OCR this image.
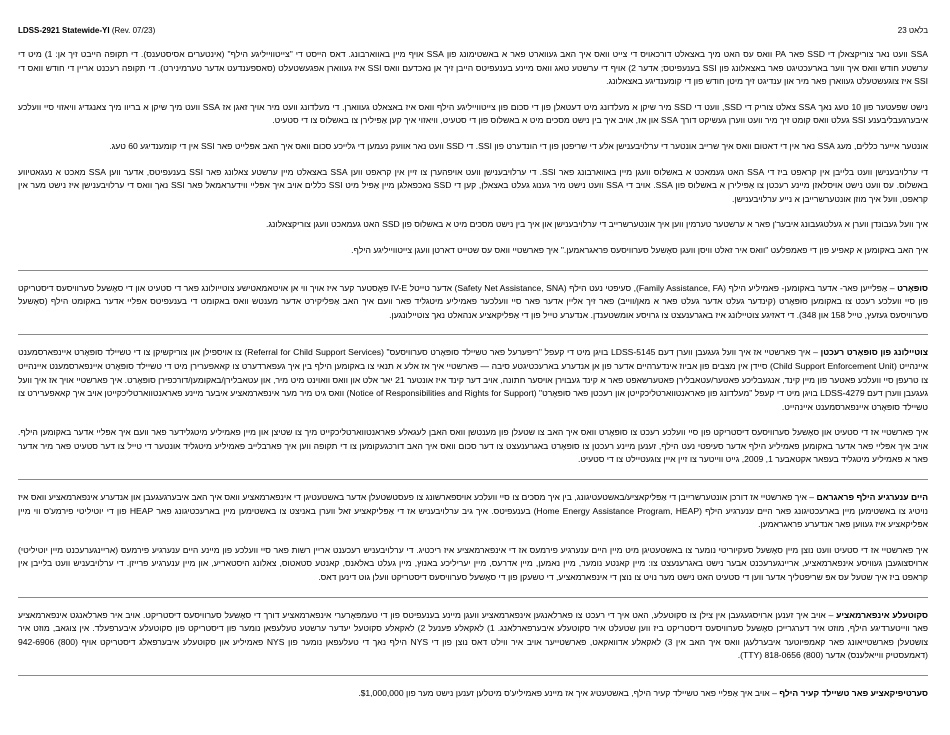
LDSS-2921 Statewide-YI (Rev. 07/23)	בלאט 23

SSA וועט נאר צוריקצאלן די SSD פאר PA וואס עס האט מיך באצאלט דורכאויס די צייט וואס איך האב געווארט פאר א באשטימונג פון SSA אויף מיין באווארבונג. דאס הייסט די "צייטווייליגע הילף" (אינטערים אסיסטענס). די תקופה הייבט זיך אן: 1) מיט די ערשטע חודש וואס איך ווער בארעכטיגט פאר באצאלונג פון SSI בענעפיטס; אדער 2) אויף די ערשטע טאג וואס מיינע בענעפיטס הייבן זיך אן נאכדעם וואס SSI איז געווארן אפגעשטעלט (סאספענדעט אדער טערמינירט). די תקופה רעכנט אריין די חודש וואס די SSI איז צוגעשטעלט געווארן פאר מיר און ענדיגט זיך מיטן חודש פון די קומענדיגע באצאלונג.

נישט שפעטער פון 10 טעג נאך SSA צאלט צוריק די SSD, וועט די SSD מיר שיקן א מעלדונג מיט דעטאלן פון די סכום פון צייטווייליגע הילף וואס איז באצאלט געווארן. די מעלדונג וועט מיר אויך זאגן אז SSA וועט מיך שיקן א בריוו מיך צאנגדיג וויאזוי סיי וועלכע איבערגעבליבענע SSI געלט וואס קומט זיך מיר וועט ווערן געשיקט דורך SSA און אז, אויב איך בין נישט מסכים מיט א באשלוס פון די סטעיט, וויאזוי איך קען אַפּילירן צו באשלוס צו די סטעיט.

אונטער אייער כללים, מעג SSA נאר אין די דאטום וואס איך שרייב אונטער די ערלויבענישן אלע די שריפטן פון די הונדערט פון SSI. די SSD וועט נאר אוועק נעמען די גלייכע סכום וואס איך האב אפּלייט פאר SSI אין די קומענדיגע 60 טעג.

די ערלויבענישן וועט בלייבן אין קראפט ביז די SSA האט געמאכט א באשלוס וועגן מיין באווארבונג פאר SSI. די ערלויבענישן וועט אויפהערן צו זיין אין קראפט ווען SSA באצאלט מיין ערשטע צאלונג פאר SSI בענעפיטס, אדער ווען SSA מאכט א נעגאטיווע באשלוס. עס וועט נישט אויסלאזן מיינע רעכטן צו אַפּילירן א באשלוס פון SSA. אויב די SSA וועט נישט מיר גענוג געלט באצאלן, קען די SSD נאכפאלגן מיין אַפּיל מיט SSI כללים אויב איך אפּליי ווידעראמאל פאר SSI נאך וואס די ערלויבענישן איז נישט מער אין קראפט, וועל איך מוזן אונטערשרייבן א נייע ערלויבענישן.

איך וועל געבונדן ווערן א געלטגעבונג איבער'ן פאר א ערשטער טערמין ווען איך אונטערשרייב די ערלויבענישן און איך בין נישט מסכים מיט א באשלוס פון SSD האט געמאכט וועגן צוריקצאלונג.

איך האב באקומען א קאפיע פון די פאמפלעט "וואס איר זאלט וויסן וועגן סאָשעל סערוויסעס פראגראמען." איך פארשטיי וואס עס שטייט דארטן וועגן צייטווייליגע הילף.

סופּאָרט – אַפּלייען פאר- אדער באקומען- פאמיליע הילף (Family Assistance, FA), סעיפטי נעט הילף (Safety Net Assistance, SNA) אדער טייטל IV-E פאָסטער קער איז אויך ווי אן אויטאמאטישע צוטייולונג פאר די סטעיט און די סאָשעל סערוויסעס דיסטריקט פון סיי וועלכע רעכט צו באקומען סופּאָרט (קינדער געלט אדער געלט פאר א מאן/ווייב) פאר זיך אליין אדער פאר סיי וועלכער פאמיליע מיטגליד פאר וועם איך האב אַפּליקירט אדער מענטש וואס באקומט די בענעפיטס אפּליי אדער באקומט הילף (סאָשעל סערוויסעס געזעץ, טייל 158 און 348). די דאזיגע צוטיילונג איז באגרענעצט צו גרויסע אומשטענדן. אנדערע טייל פון די אַפּליקאציע אנהאלט נאך צוטיילונגען.

צוטיילונג פון סופּאָרט רעכטן – איך פארשטיי אז איך וועל געגעבן ווערן דעם LDSS-5145 בויגן מיט די קעפל "ריפערעל פאר טשיילד סופּאָרט סערוויסעס" (Referral for Child Support Services) צו אויספילן און צוריקשיקן צו די טשיילד סופּאָרט איינפארסמענט איינהייט (Child Support Enforcement Unit) סיידן אין מצבים פון אביוז אינדערהיים אדער פון אן אנדערע בארעכטיגטע סיבה — פארשטיי איך אז אלע א תנאי צו באקומען הילף בין איך געפארדערט צו קאאפערירן מיט די טשיילד סופּאָרט איינפארסמענט איינהייט צו טרעפן סיי וועלכע פאטער פון מיין קינד, אנגעבליכע פאטער/עטאבלירן פאטערשאפט פאר א קינד געבוירן אויסער חתונה, אויב דער קינד איז אונטער 21 יאר אלט און וואס וואוינט מיט מיר, און עטאבלירן/באקומען/דורכפירן סופּאָרט. איך פארשטיי אויך אז איך וועל געגעבן ווערן דעם LDSS-4279 בויגן מיט די קעפל "מעלדונג פון פאראנטווארטליכקייטן און רעכטן פאר סופּאָרט" (Notice of Responsibilities and Rights for Support) וואס גיט מיר מער אינפארמאציע איבער מיינע פאראנטווארטליכקייטן אויב איך קאאפערירט צו טשיילד סופּאָרט איינפארסמענט איינהייט.

איך פארשטיי אז די סטעיט און סאָשעל סערוויסעס דיסטריקט פון סיי וועלכע רעכט צו סופּאָרט וואס איך האב צו שטעלן פון מענטשן וואס האבן לעגאלע פאראנטווארטליכקייט מיך צו שטיצן און מיין פאמיליע מיטגלידער פאר וועם איך אפּליי אדער באקומען הילף. אויב איך אפּליי פאר אדער באקומען פאמיליע הילף אדער סעיפטי נעט הילף, זענען מיינע רעכטן צו סופּאָרט באגרענעצט צו דער סכום וואס איך האב דורכגעקומען צו די תקופה ווען איך פארבלייב פאמיליע מיטגליד אונטער די טייל צו דער סטעיט פאר מיר אדער פאר א פאמיליע מיטגליד בעפאר אקטאבער 1, 2009, גייט ווייטער צו זיין איין צוגעטיילט צו די סטעיט.

היים ענערגיע הילף פראגראם – איך פארשטיי אז דורכן אונטערשרייבן די אַפּליקאציע/באשטעטיגונג, בין איך מסכים צו סיי וועלכע אויספארשונג צו פעסטשטעלן אדער באשטעטיגן די אינפארמאציע וואס איך האב איבערגעגעבן און אנדערע אינפארמאציע וואס איז נויטיג צו באשטימען מיין בארעכטיגונג פאר היים ענערגיע הילף (Home Energy Assistance Program, HEAP) בענעפיטס. איך גיב ערלויבעניש אז די אַפּליקאציע זאל ווערן באניצט צו באשטימען מיין בארעכטיגונג פאר HEAP פון די יוטיליטי פירמע'ס ווי מיין אפּליקאציע איז געווען פאר אנדערע פראגראמען.

איך פארשטיי אז די סטעיט וועט נוצן מיין סאָשעל סעקיוריטי נומער צו באשטעטיגן מיט מיין היים ענערגיע פירמעס אז די אינפארמאציע איז ריכטיג. די ערלויבעניש רעכענט אריין רשות פאר סיי וועלכע פון מיינע היים ענערגיע פירמעס (אריינגערעכנט מיין יוטיליטי) ארויסצוגעבן געוויסע אינפארמאציע, אריינגערעכנט אבער נישט באגרענעצט צו: מיין קאנטע נומער, מיין נאמען, מיין אדרעס, מיין יעריליכע באנוץ, מיין געלט באלאנס, קאנטע סטאטוס, צאלונג היסטאריע, און מיין ענערגיע פרייזן. די ערלויבעניש וועט בלייבן אין קראפט ביז איך שטעל עס אפּ שריפטליך אדער ווען די סטעיט האט נישט מער נויט צו נוצן די אינפארמאציע, די טשעקן פון די סאָשעל סערוויסעס דיסטריקט וועלן גוט דינען דאס.

סקוטעלע אינפארמאציע – אויב איך זענען ארויסגעגעבן אין צילן צו סקוטעלע, האט איך די רעכט צו פארלאנגען אינפארמאציע וועגן מיינע בענעפיטס פון די טעמפּאָרערי אינפארמאציע דורך די סאָשעל סערוויסעס דיסטריקט. אויב איר פארלאנגט אינפארמאציע פאר ווייטערדיגע הילף, מוזט איר דערגרייכן סאָשעל סערוויסעס דיסטריקט ביז ווען שטעלט איר סקוטעלע איבערפארלאנג. 1) לאקאלע פּענעל 2) לאקאלע סקוטעל יעדער ערשטע טעלעפאן נומער פון דיסטריקט פון סקוטעלע איבערפעלד. אין צוגאב, מוזט איר צושטעלן פארשטייאונג פאר קאמפּיוטער איבערלעגן וואס איך האב אין 3) לאקאלע אדוואקאט, פארשטייער אויב איר ווילט דאס נוצן פון די NYS הילף נאך די טעלעפאן נומער פון NYS פאמיליע און סקוטעלע איבערפאלג דיסטריקט אויף (800) 942-6906 (דאמעסטיק ווייאלענס) אדער (800) 818-0656 (TTY).

סערטיפיקאציע פאר טשיילד קעיר הילף – אויב איך אַפּליי פאר טשיילד קעיר הילף, באשטעטיג איך אז מיינע פאמיליע'ס מיטלען זענען נישט מער פון $1,000,000.
